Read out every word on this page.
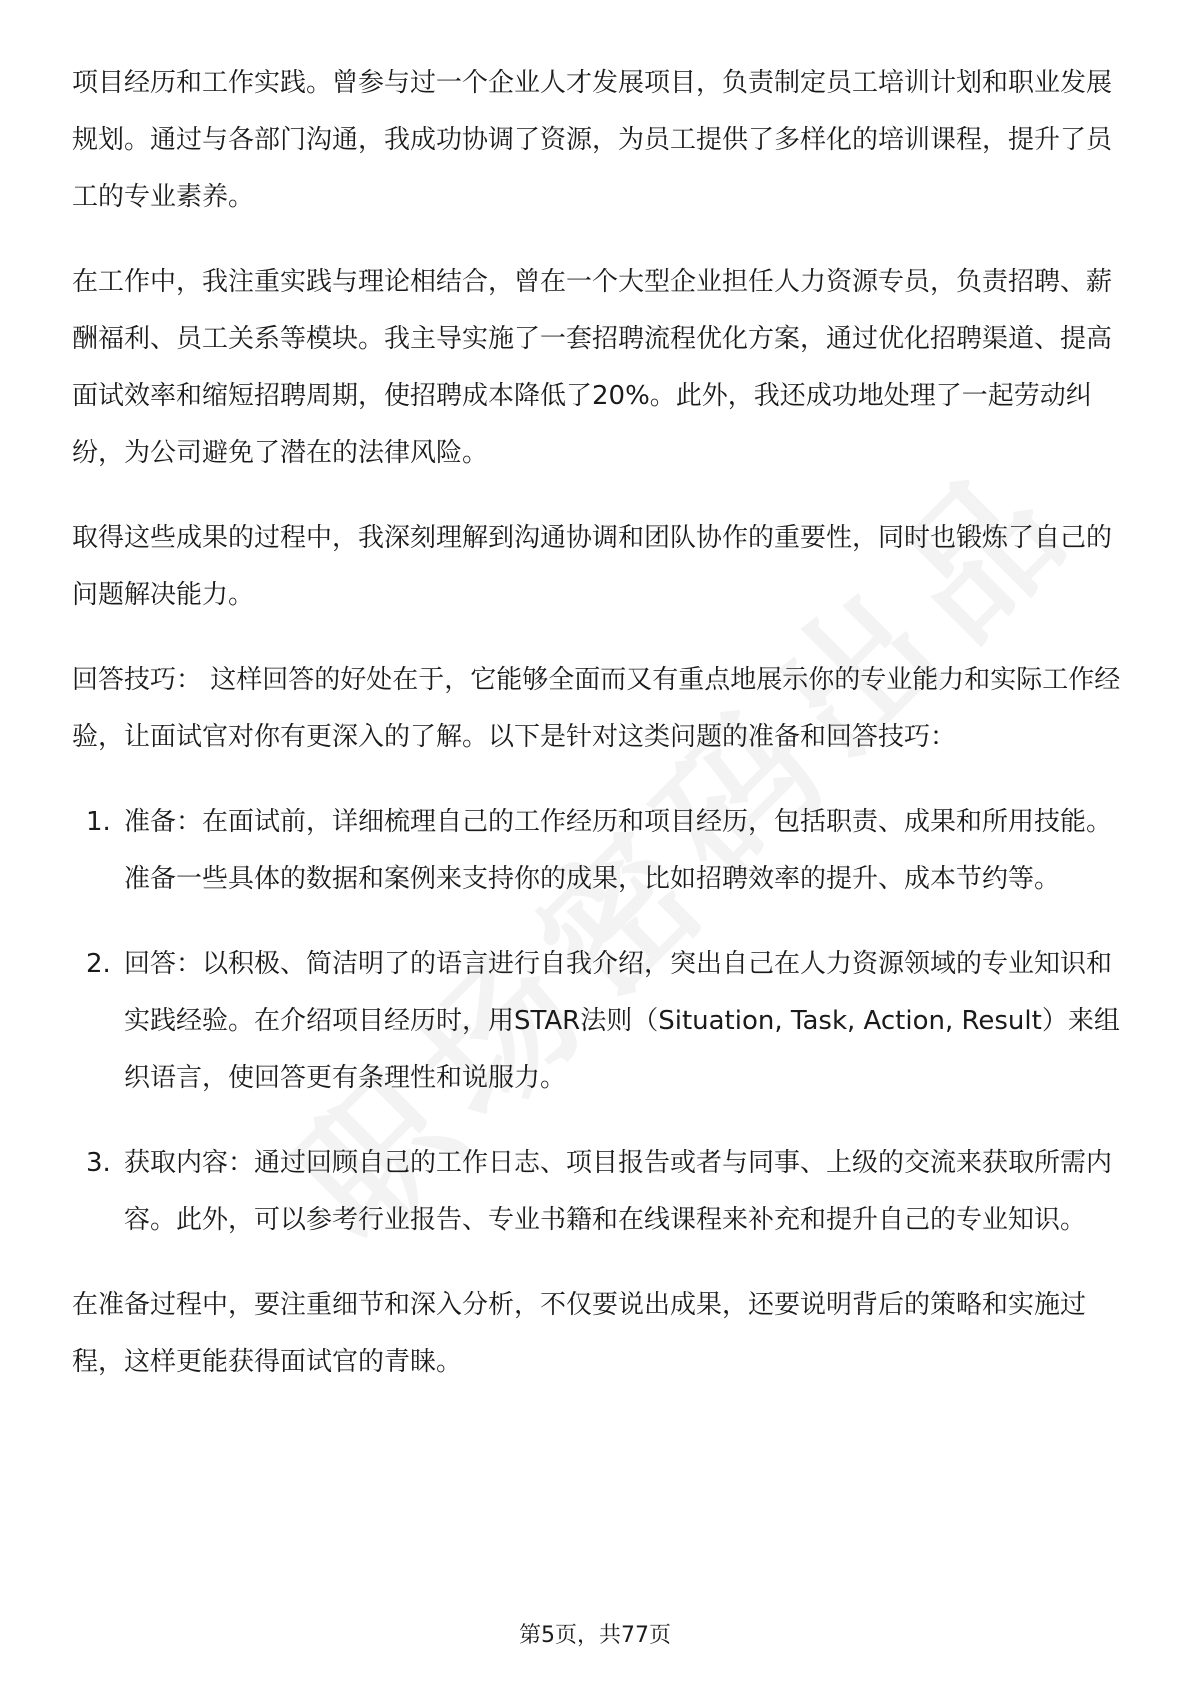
项目经历和工作实践。曾参与过一个企业人才发展项目，负责制定员工培训计划和职业发展规划。通过与各部门沟通，我成功协调了资源，为员工提供了多样化的培训课程，提升了员工的专业素养。

在工作中，我注重实践与理论相结合，曾在一个大型企业担任人力资源专员，负责招聘、薪酬福利、员工关系等模块。我主导实施了一套招聘流程优化方案，通过优化招聘渠道、提高面试效率和缩短招聘周期，使招聘成本降低了20%。此外，我还成功地处理了一起劳动纠纷，为公司避免了潜在的法律风险。

取得这些成果的过程中，我深刻理解到沟通协调和团队协作的重要性，同时也锻炼了自己的问题解决能力。

回答技巧： 这样回答的好处在于，它能够全面而又有重点地展示你的专业能力和实际工作经验，让面试官对你有更深入的了解。以下是针对这类问题的准备和回答技巧：

1. 准备：在面试前，详细梳理自己的工作经历和项目经历，包括职责、成果和所用技能。准备一些具体的数据和案例来支持你的成果，比如招聘效率的提升、成本节约等。
2. 回答：以积极、简洁明了的语言进行自我介绍，突出自己在人力资源领域的专业知识和实践经验。在介绍项目经历时，用STAR法则（Situation, Task, Action, Result）来组织语言，使回答更有条理性和说服力。
3. 获取内容：通过回顾自己的工作日志、项目报告或者与同事、上级的交流来获取所需内容。此外，可以参考行业报告、专业书籍和在线课程来补充和提升自己的专业知识。

在准备过程中，要注重细节和深入分析，不仅要说出成果，还要说明背后的策略和实施过程，这样更能获得面试官的青睐。

第5页，共77页
